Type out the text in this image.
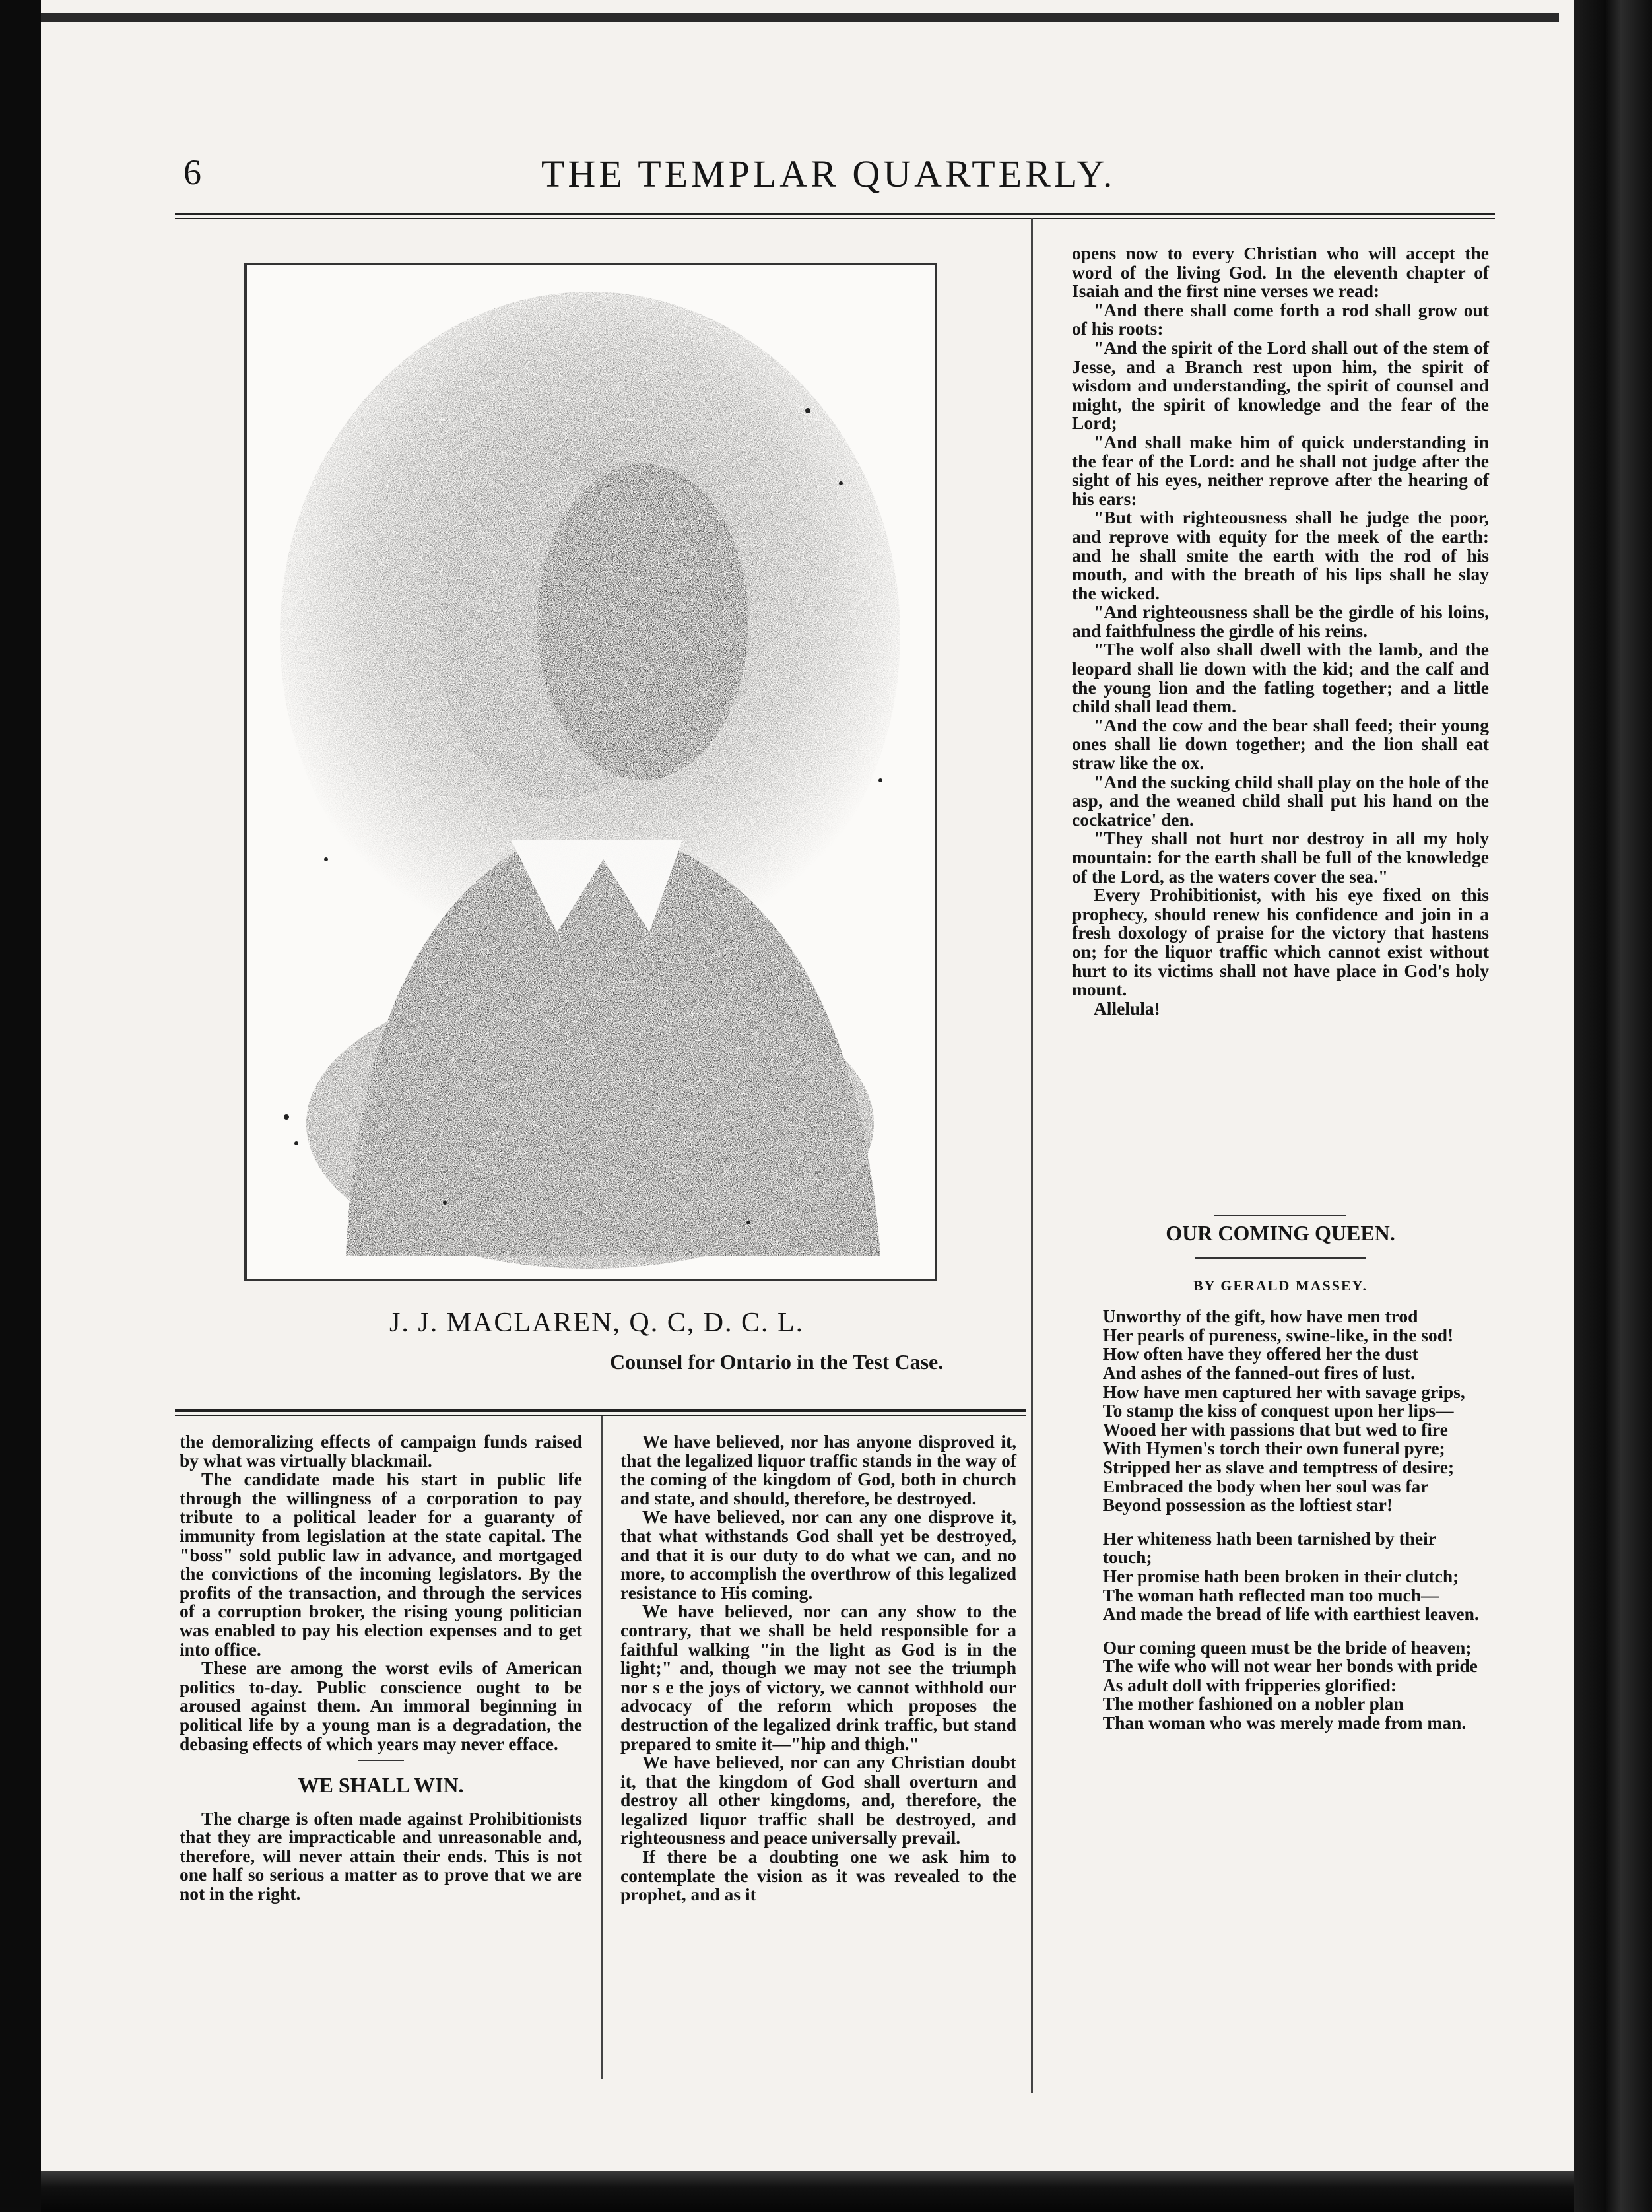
6	THE TEMPLAR QUARTERLY.
J. J. MACLAREN, Q. C, D. C. L.
Counsel for Ontario in the Test Case.

the demoralizing effects of campaign funds raised by what was virtually blackmail.

The candidate made his start in public life through the willingness of a corporation to pay tribute to a political leader for a guaranty of immunity from legislation at the state capital. The "boss" sold public law in advance, and mortgaged the convictions of the incoming legislators. By the profits of the transaction, and through the services of a corruption broker, the rising young politician was enabled to pay his election expenses and to get into office.

These are among the worst evils of American politics to-day. Public conscience ought to be aroused against them. An immoral beginning in political life by a young man is a degradation, the debasing effects of which years may never efface.

WE SHALL WIN.

The charge is often made against Prohibitionists that they are impracticable and unreasonable and, therefore, will never attain their ends. This is not one half so serious a matter as to prove that we are not in the right.

We have believed, nor has anyone disproved it, that the legalized liquor traffic stands in the way of the coming of the kingdom of God, both in church and state, and should, therefore, be destroyed.

We have believed, nor can any one disprove it, that what withstands God shall yet be destroyed, and that it is our duty to do what we can, and no more, to accomplish the overthrow of this legalized resistance to His coming.

We have believed, nor can any show to the contrary, that we shall be held responsible for a faithful walking "in the light as God is in the light;" and, though we may not see the triumph nor s e the joys of victory, we cannot withhold our advocacy of the reform which proposes the destruction of the legalized drink traffic, but stand prepared to smite it—"hip and thigh."

We have believed, nor can any Christian doubt it, that the kingdom of God shall overturn and destroy all other kingdoms, and, therefore, the legalized liquor traffic shall be destroyed, and righteousness and peace universally prevail.

If there be a doubting one we ask him to contemplate the vision as it was revealed to the prophet, and as it

opens now to every Christian who will accept the word of the living God. In the eleventh chapter of Isaiah and the first nine verses we read:

"And there shall come forth a rod shall grow out of his roots:

"And the spirit of the Lord shall out of the stem of Jesse, and a Branch rest upon him, the spirit of wisdom and understanding, the spirit of counsel and might, the spirit of knowledge and the fear of the Lord;

"And shall make him of quick understanding in the fear of the Lord: and he shall not judge after the sight of his eyes, neither reprove after the hearing of his ears:

"But with righteousness shall he judge the poor, and reprove with equity for the meek of the earth: and he shall smite the earth with the rod of his mouth, and with the breath of his lips shall he slay the wicked.

"And righteousness shall be the girdle of his loins, and faithfulness the girdle of his reins.

"The wolf also shall dwell with the lamb, and the leopard shall lie down with the kid; and the calf and the young lion and the fatling together; and a little child shall lead them.

"And the cow and the bear shall feed; their young ones shall lie down together; and the lion shall eat straw like the ox.

"And the sucking child shall play on the hole of the asp, and the weaned child shall put his hand on the cockatrice' den.

"They shall not hurt nor destroy in all my holy mountain: for the earth shall be full of the knowledge of the Lord, as the waters cover the sea."

Every Prohibitionist, with his eye fixed on this prophecy, should renew his confidence and join in a fresh doxology of praise for the victory that hastens on; for the liquor traffic which cannot exist without hurt to its victims shall not have place in God's holy mount.

Allelula!

OUR COMING QUEEN.
BY GERALD MASSEY.

Unworthy of the gift, how have men trod

Her pearls of pureness, swine-like, in the sod!

How often have they offered her the dust

And ashes of the fanned-out fires of lust.

How have men captured her with savage grips,

To stamp the kiss of conquest upon her lips—

Wooed her with passions that but wed to fire

With Hymen's torch their own funeral pyre;

Stripped her as slave and temptress of desire;

Embraced the body when her soul was far

Beyond possession as the loftiest star!

Her whiteness hath been tarnished by their touch;

Her promise hath been broken in their clutch;

The woman hath reflected man too much—

And made the bread of life with earthiest leaven.

Our coming queen must be the bride of heaven;

The wife who will not wear her bonds with pride

As adult doll with fripperies glorified:

The mother fashioned on a nobler plan

Than woman who was merely made from man.
